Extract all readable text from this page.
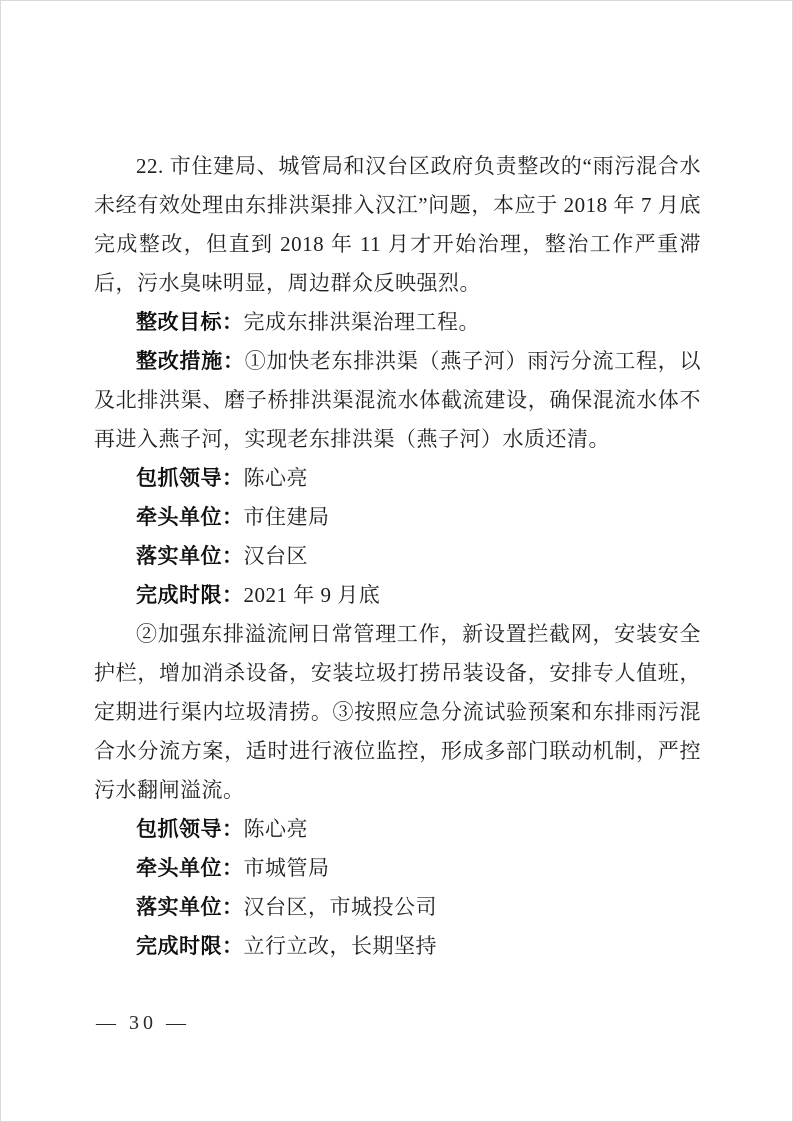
22. 市住建局、城管局和汉台区政府负责整改的“雨污混合水未经有效处理由东排洪渠排入汉江”问题，本应于 2018 年 7 月底完成整改，但直到 2018 年 11 月才开始治理，整治工作严重滞后，污水臭味明显，周边群众反映强烈。

整改目标：完成东排洪渠治理工程。

整改措施：①加快老东排洪渠（燕子河）雨污分流工程，以及北排洪渠、磨子桥排洪渠混流水体截流建设，确保混流水体不再进入燕子河，实现老东排洪渠（燕子河）水质还清。

包抓领导：陈心亮

牵头单位：市住建局

落实单位：汉台区

完成时限：2021 年 9 月底

②加强东排溢流闸日常管理工作，新设置拦截网，安装安全护栏，增加消杀设备，安装垃圾打捞吊装设备，安排专人值班，定期进行渠内垃圾清捞。③按照应急分流试验预案和东排雨污混合水分流方案，适时进行液位监控，形成多部门联动机制，严控污水翻闸溢流。

包抓领导：陈心亮

牵头单位：市城管局

落实单位：汉台区，市城投公司

完成时限：立行立改，长期坚持

— 30 —
